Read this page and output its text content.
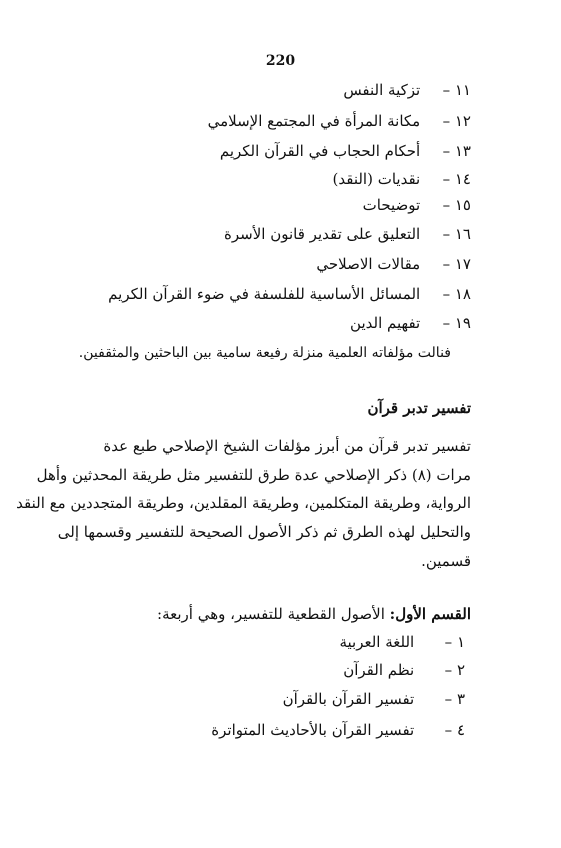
220
١١ – تزكية النفس
١٢ – مكانة المرأة في المجتمع الإسلامي
١٣ – أحكام الحجاب في القرآن الكريم
١٤ – نقديات (النقد)
١٥ – توضيحات
١٦ – التعليق على تقدير قانون الأسرة
١٧ – مقالات الاصلاحي
١٨ – المسائل الأساسية للفلسفة في ضوء القرآن الكريم
١٩ – تفهيم الدين
فنالت مؤلفاته العلمية منزلة رفيعة سامية بين الباحثين والمثقفين.
تفسير تدبر قرآن
تفسير تدبر قرآن من أبرز مؤلفات الشيخ الإصلاحي طبع عدة
مرات (٨) ذكر الإصلاحي عدة طرق للتفسير مثل طريقة المحدثين وأهل
الرواية، وطريقة المتكلمين، وطريقة المقلدين، وطريقة المتجددين مع النقد
والتحليل لهذه الطرق ثم ذكر الأصول الصحيحة للتفسير وقسمها إلى
قسمين.
القسم الأول: الأصول القطعية للتفسير، وهي أربعة:
١ – اللغة العربية
٢ – نظم القرآن
٣ – تفسير القرآن بالقرآن
٤ – تفسير القرآن بالأحاديث المتواترة
